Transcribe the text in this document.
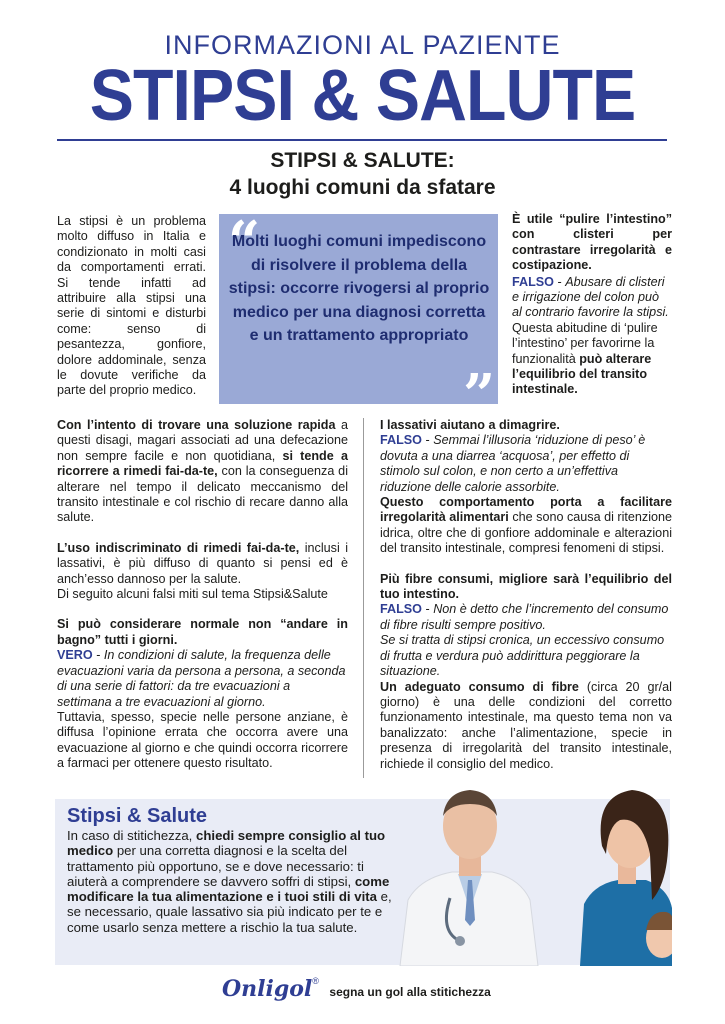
INFORMAZIONI AL PAZIENTE
STIPSI & SALUTE
STIPSI & SALUTE:
4 luoghi comuni da sfatare

La stipsi è un problema molto diffuso in Italia e condizionato in molti casi da comportamenti errati. Si tende infatti ad attribuire alla stipsi una serie di sintomi e disturbi come: senso di pesantezza, gonfiore, dolore addominale, senza le dovute verifiche da parte del proprio medico.

“
Molti luoghi comuni impediscono di risolvere il problema della stipsi: occorre rivogersi al proprio medico per una diagnosi corretta e un trattamento appropriato
”

È utile “pulire l’intestino” con clisteri per contrastare irregolarità e costipazione.

FALSO - Abusare di clisteri e irrigazione del colon può al contrario favorire la stipsi.

Questa abitudine di ‘pulire l’intestino’ per favorirne la funzionalità può alterare l’equilibrio del transito intestinale.

Con l’intento di trovare una soluzione rapida a questi disagi, magari associati ad una defecazione non sempre facile e non quotidiana, si tende a ricorrere a rimedi fai-da-te, con la conseguenza di alterare nel tempo il delicato meccanismo del transito intestinale e col rischio di recare danno alla salute.

L’uso indiscriminato di rimedi fai-da-te, inclusi i lassativi, è più diffuso di quanto si pensi ed è anch’esso dannoso per la salute.

Di seguito alcuni falsi miti sul tema Stipsi&Salute

Si può considerare normale non “andare in bagno” tutti i giorni.

VERO - In condizioni di salute, la frequenza delle evacuazioni varia da persona a persona, a seconda di una serie di fattori: da tre evacuazioni a settimana a tre evacuazioni al giorno.

Tuttavia, spesso, specie nelle persone anziane, è diffusa l’opinione errata che occorra avere una evacuazione al giorno e che quindi occorra ricorrere a farmaci per ottenere questo risultato.

I lassativi aiutano a dimagrire.

FALSO - Semmai l’illusoria ‘riduzione di peso’ è dovuta a una diarrea ‘acquosa’, per effetto di stimolo sul colon, e non certo a un’effettiva riduzione delle calorie assorbite.

Questo comportamento porta a facilitare irregolarità alimentari che sono causa di ritenzione idrica, oltre che di gonfiore addominale e alterazioni del transito intestinale, compresi fenomeni di stipsi.

Più fibre consumi, migliore sarà l’equilibrio del tuo intestino.

FALSO - Non è detto che l’incremento del consumo di fibre risulti sempre positivo.

Se si tratta di stipsi cronica, un eccessivo consumo di frutta e verdura può addirittura peggiorare la situazione.

Un adeguato consumo di fibre (circa 20 gr/al giorno) è una delle condizioni del corretto funzionamento intestinale, ma questo tema non va banalizzato: anche l’alimentazione, specie in presenza di irregolarità del transito intestinale, richiede il consiglio del medico.

Stipsi & Salute
In caso di stitichezza, chiedi sempre consiglio al tuo medico per una corretta diagnosi e la scelta del trattamento più opportuno, se e dove necessario: ti aiuterà a comprendere se davvero soffri di stipsi, come modificare la tua alimentazione e i tuoi stili di vita e, se necessario, quale lassativo sia più indicato per te e come usarlo senza mettere a rischio la tua salute.
Onligol® segna un gol alla stitichezza
